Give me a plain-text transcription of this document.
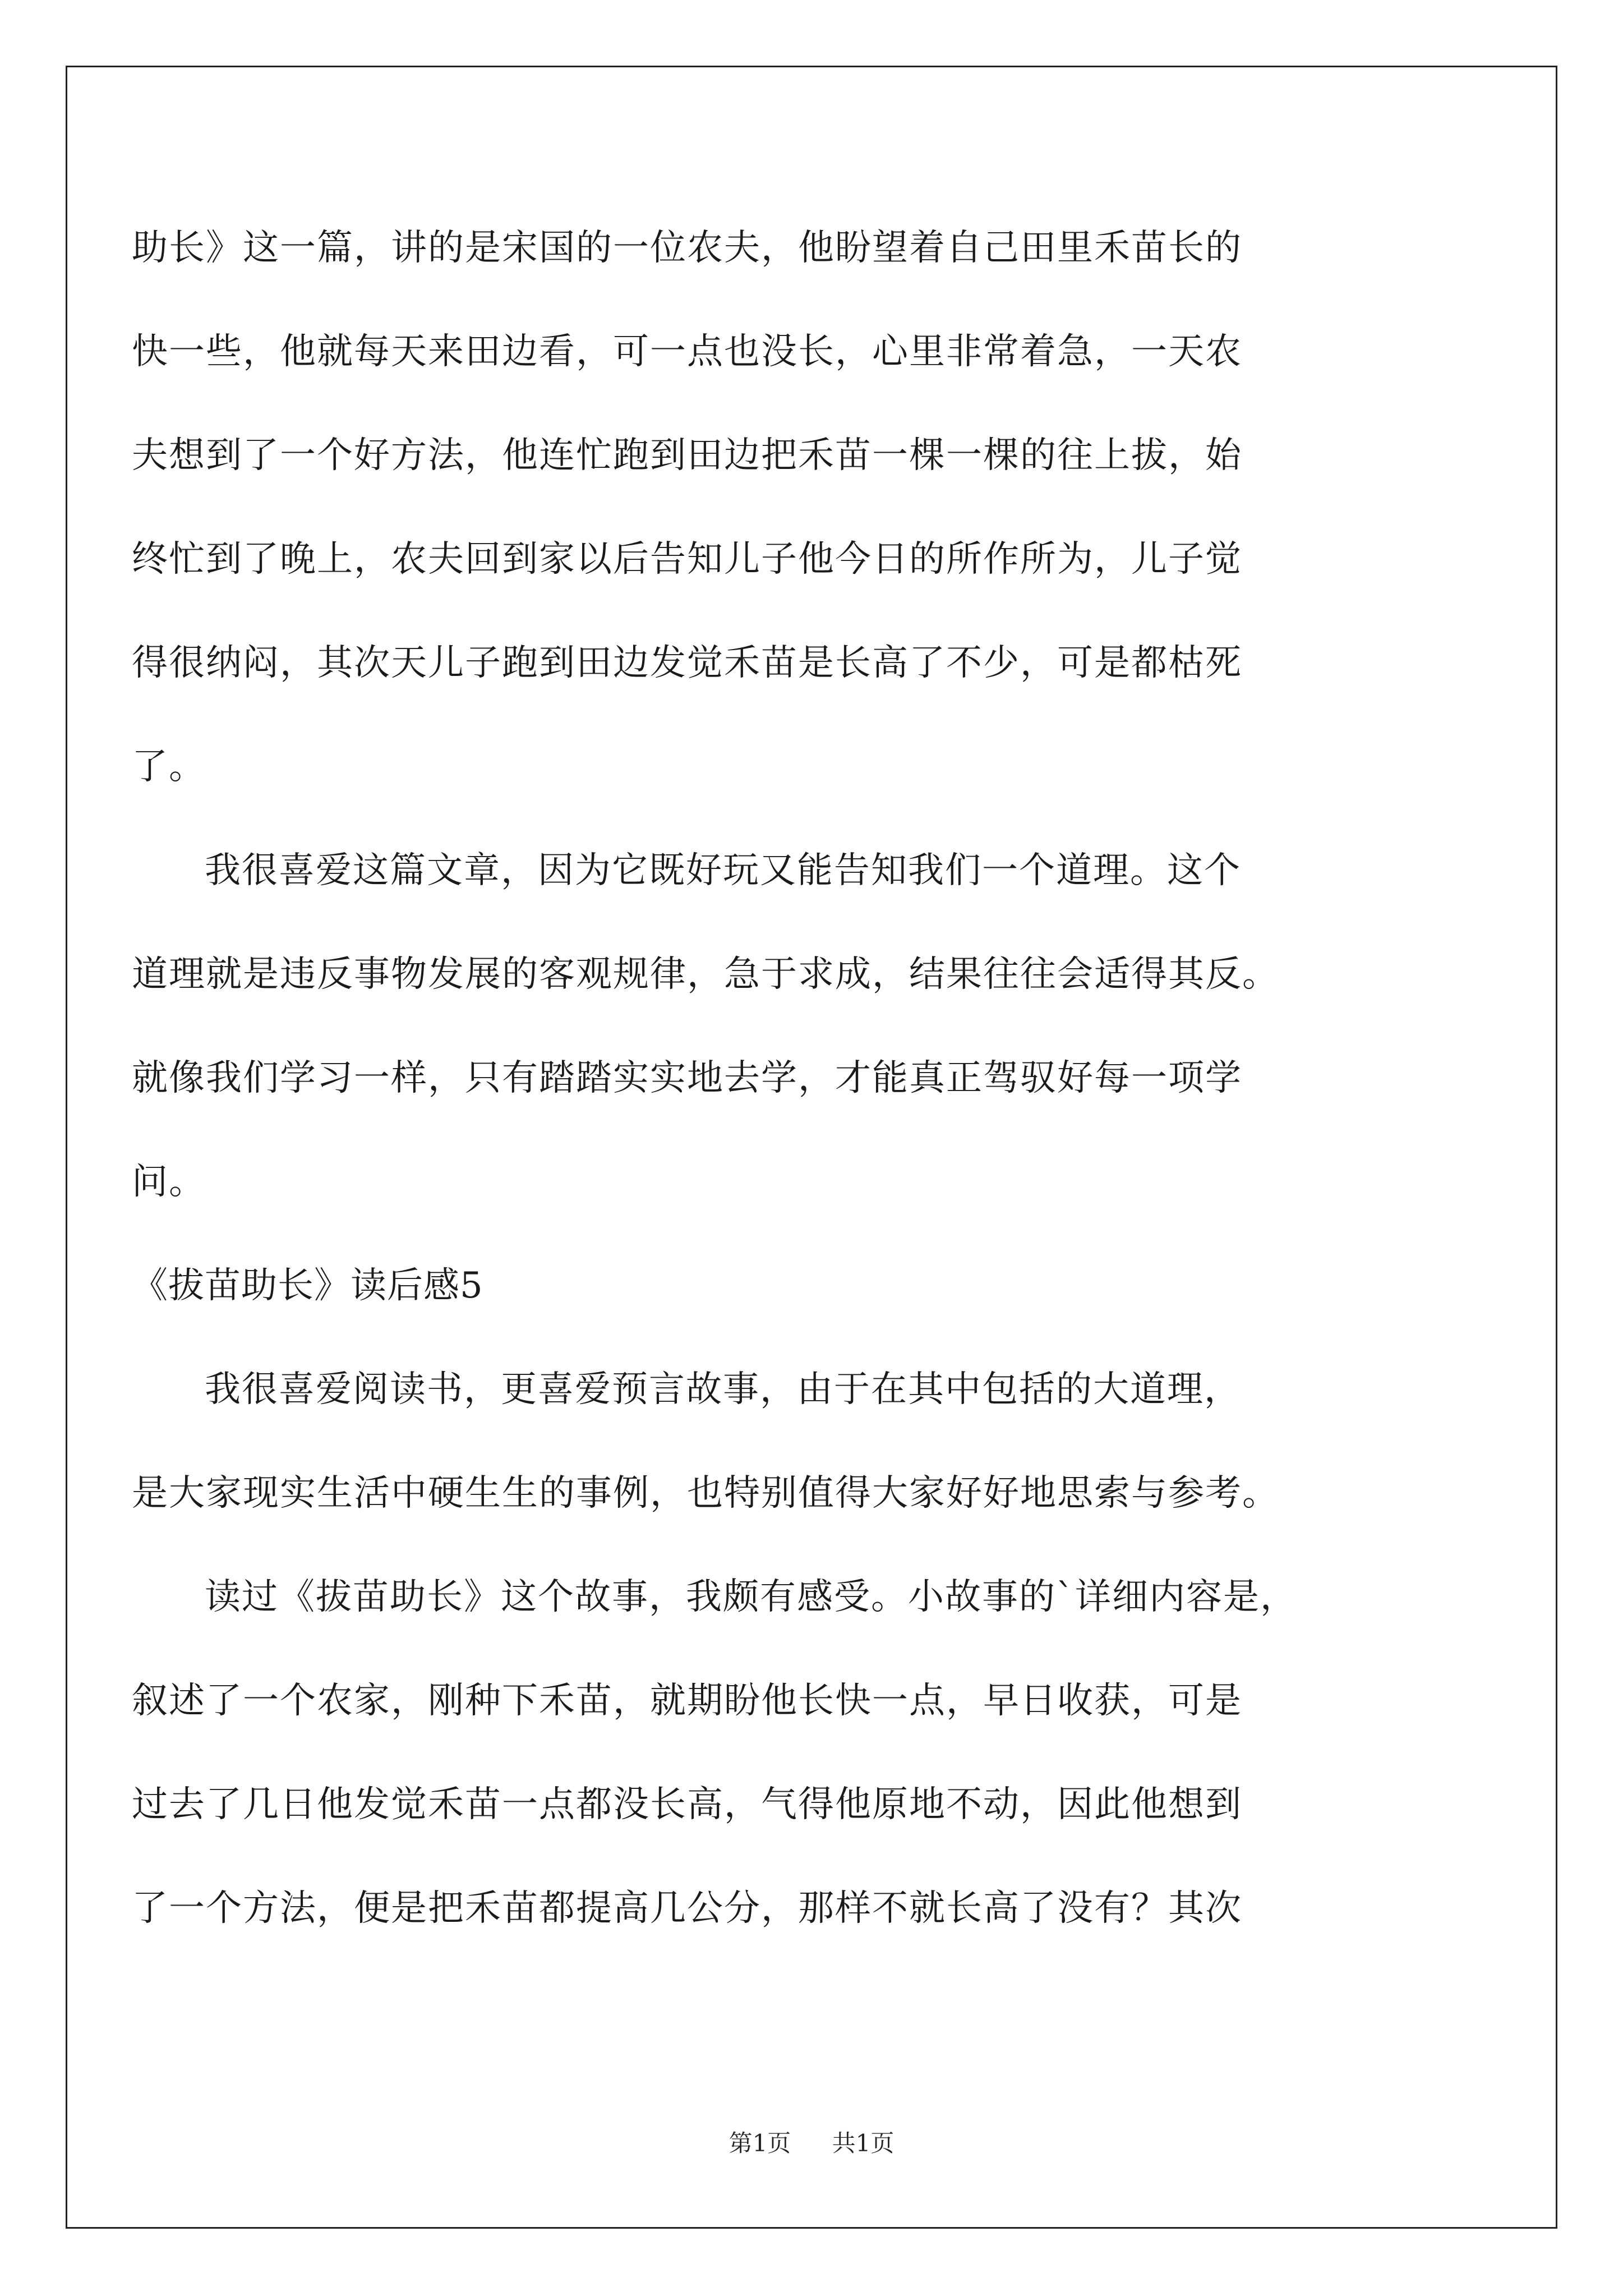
助长》这一篇，讲的是宋国的一位农夫，他盼望着自己田里禾苗长的
快一些，他就每天来田边看，可一点也没长，心里非常着急，一天农
夫想到了一个好方法，他连忙跑到田边把禾苗一棵一棵的往上拔，始
终忙到了晚上，农夫回到家以后告知儿子他今日的所作所为，儿子觉
得很纳闷，其次天儿子跑到田边发觉禾苗是长高了不少，可是都枯死
了。
我很喜爱这篇文章，因为它既好玩又能告知我们一个道理。这个
道理就是违反事物发展的客观规律，急于求成，结果往往会适得其反。
就像我们学习一样，只有踏踏实实地去学，才能真正驾驭好每一项学
问。
《拔苗助长》读后感5
我很喜爱阅读书，更喜爱预言故事，由于在其中包括的大道理，
是大家现实生活中硬生生的事例，也特别值得大家好好地思索与参考。
读过《拔苗助长》这个故事，我颇有感受。小故事的`详细内容是，
叙述了一个农家，刚种下禾苗，就期盼他长快一点，早日收获，可是
过去了几日他发觉禾苗一点都没长高，气得他原地不动，因此他想到
了一个方法，便是把禾苗都提高几公分，那样不就长高了没有？其次
第1页 共1页
